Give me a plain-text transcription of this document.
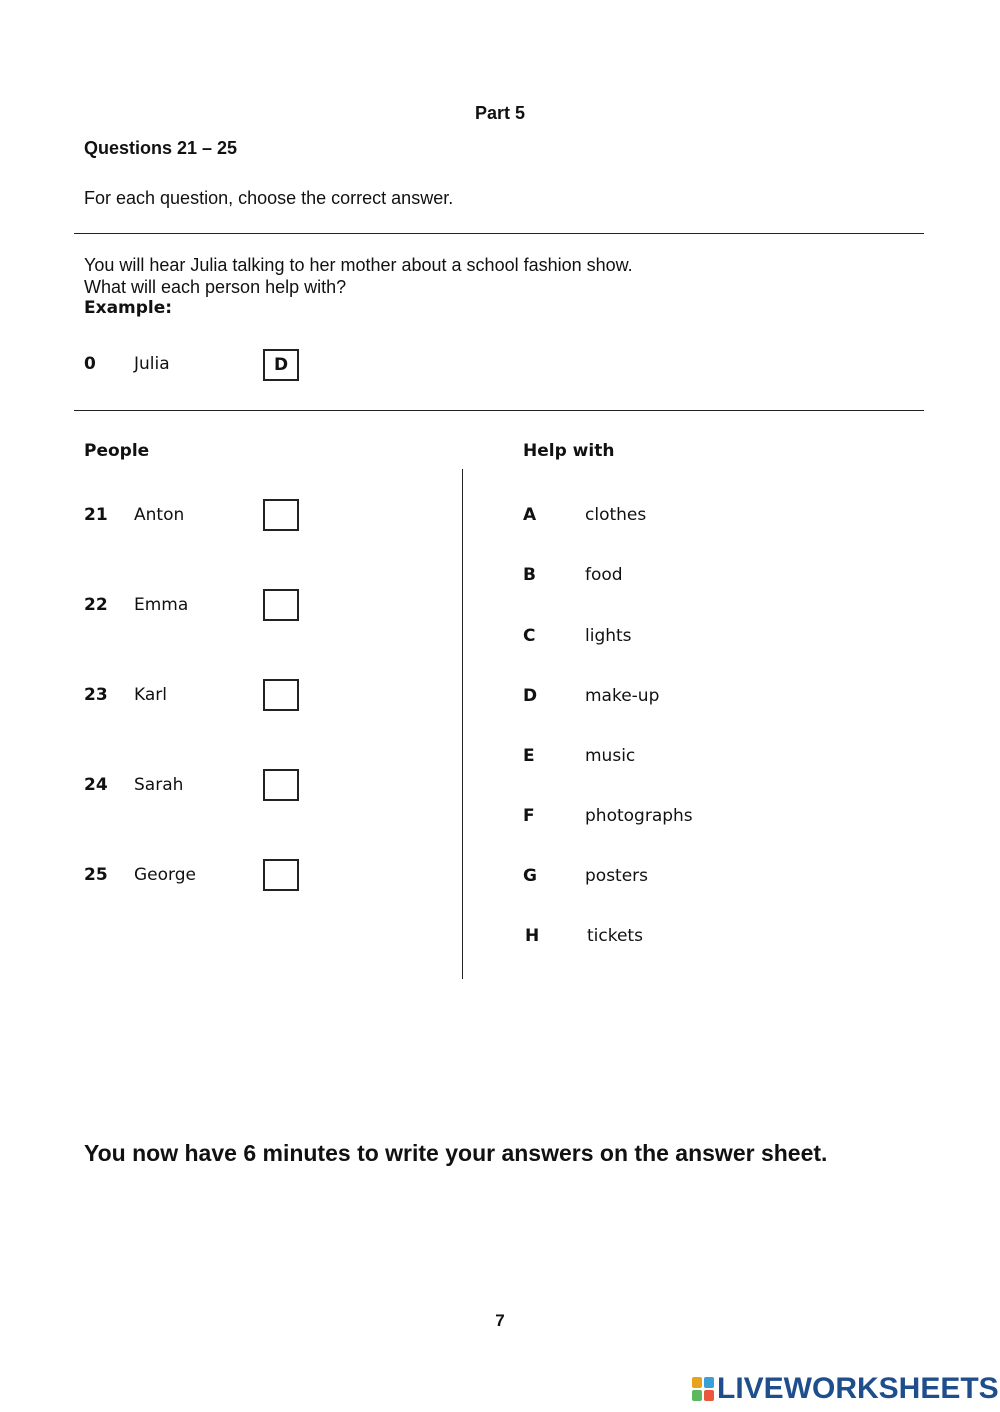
Part 5
Questions 21 – 25
For each question, choose the correct answer.
You will hear Julia talking to her mother about a school fashion show.
What will each person help with?
Example:
0 Julia	D
People	Help with
21 Anton
22 Emma
23 Karl
24 Sarah
25 George
A	clothes
B	food
C	lights
D	make-up
E	music
F	photographs
G	posters
H	tickets
You now have 6 minutes to write your answers on the answer sheet.
7
LIVEWORKSHEETS
